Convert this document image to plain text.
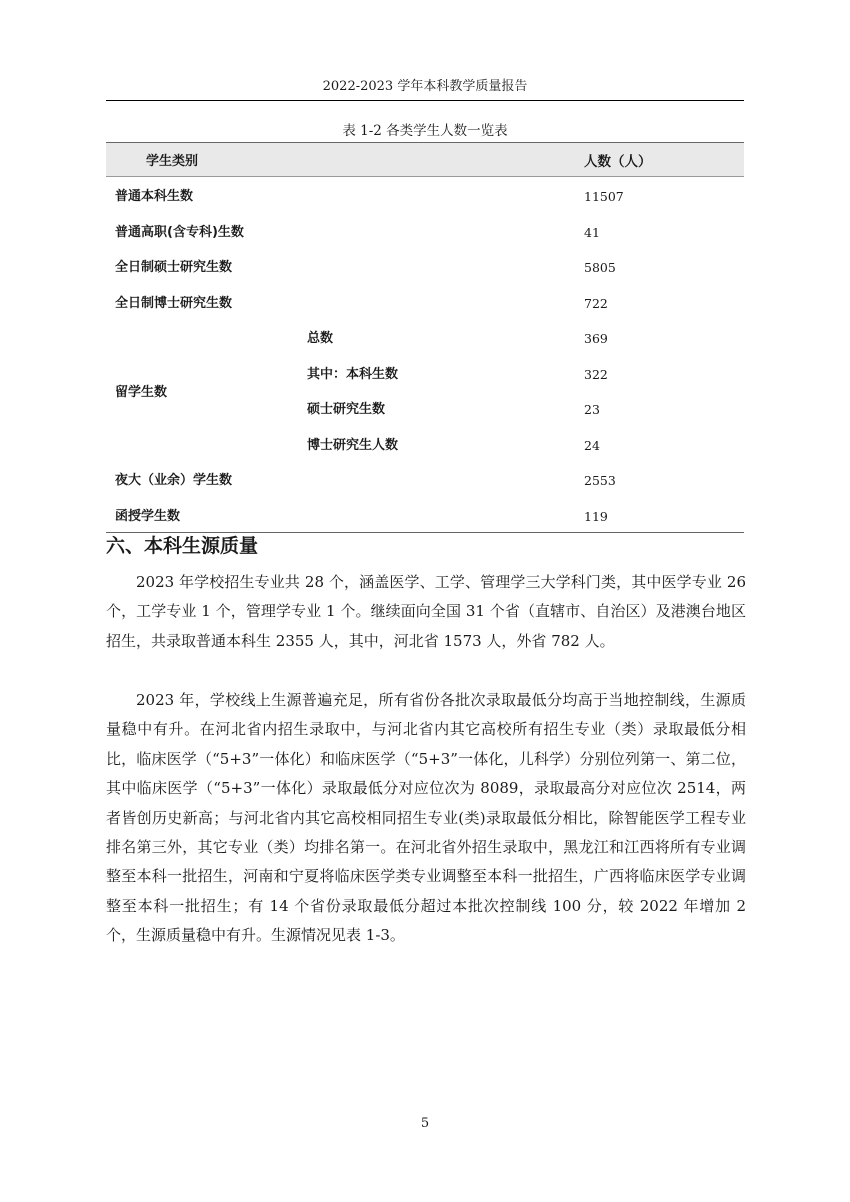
2022-2023 学年本科教学质量报告
表 1-2 各类学生人数一览表
学生类别		人数（人）
普通本科生数		11507
普通高职(含专科)生数		41
全日制硕士研究生数		5805
全日制博士研究生数		722
留学生数	总数	369
	其中：本科生数	322
	硕士研究生数	23
	博士研究生人数	24
夜大（业余）学生数		2553
函授学生数		119
六、本科生源质量

2023 年学校招生专业共 28 个，涵盖医学、工学、管理学三大学科门类，其中医学专业 26 个，工学专业 1 个，管理学专业 1 个。继续面向全国 31 个省（直辖市、自治区）及港澳台地区招生，共录取普通本科生 2355 人，其中，河北省 1573 人，外省 782 人。

2023 年，学校线上生源普遍充足，所有省份各批次录取最低分均高于当地控制线，生源质量稳中有升。在河北省内招生录取中，与河北省内其它高校所有招生专业（类）录取最低分相比，临床医学（“5+3”一体化）和临床医学（“5+3”一体化，儿科学）分别位列第一、第二位，其中临床医学（“5+3”一体化）录取最低分对应位次为 8089，录取最高分对应位次 2514，两者皆创历史新高；与河北省内其它高校相同招生专业(类)录取最低分相比，除智能医学工程专业排名第三外，其它专业（类）均排名第一。在河北省外招生录取中，黑龙江和江西将所有专业调整至本科一批招生，河南和宁夏将临床医学类专业调整至本科一批招生，广西将临床医学专业调整至本科一批招生；有 14 个省份录取最低分超过本批次控制线 100 分，较 2022 年增加 2 个，生源质量稳中有升。生源情况见表 1-3。

5
